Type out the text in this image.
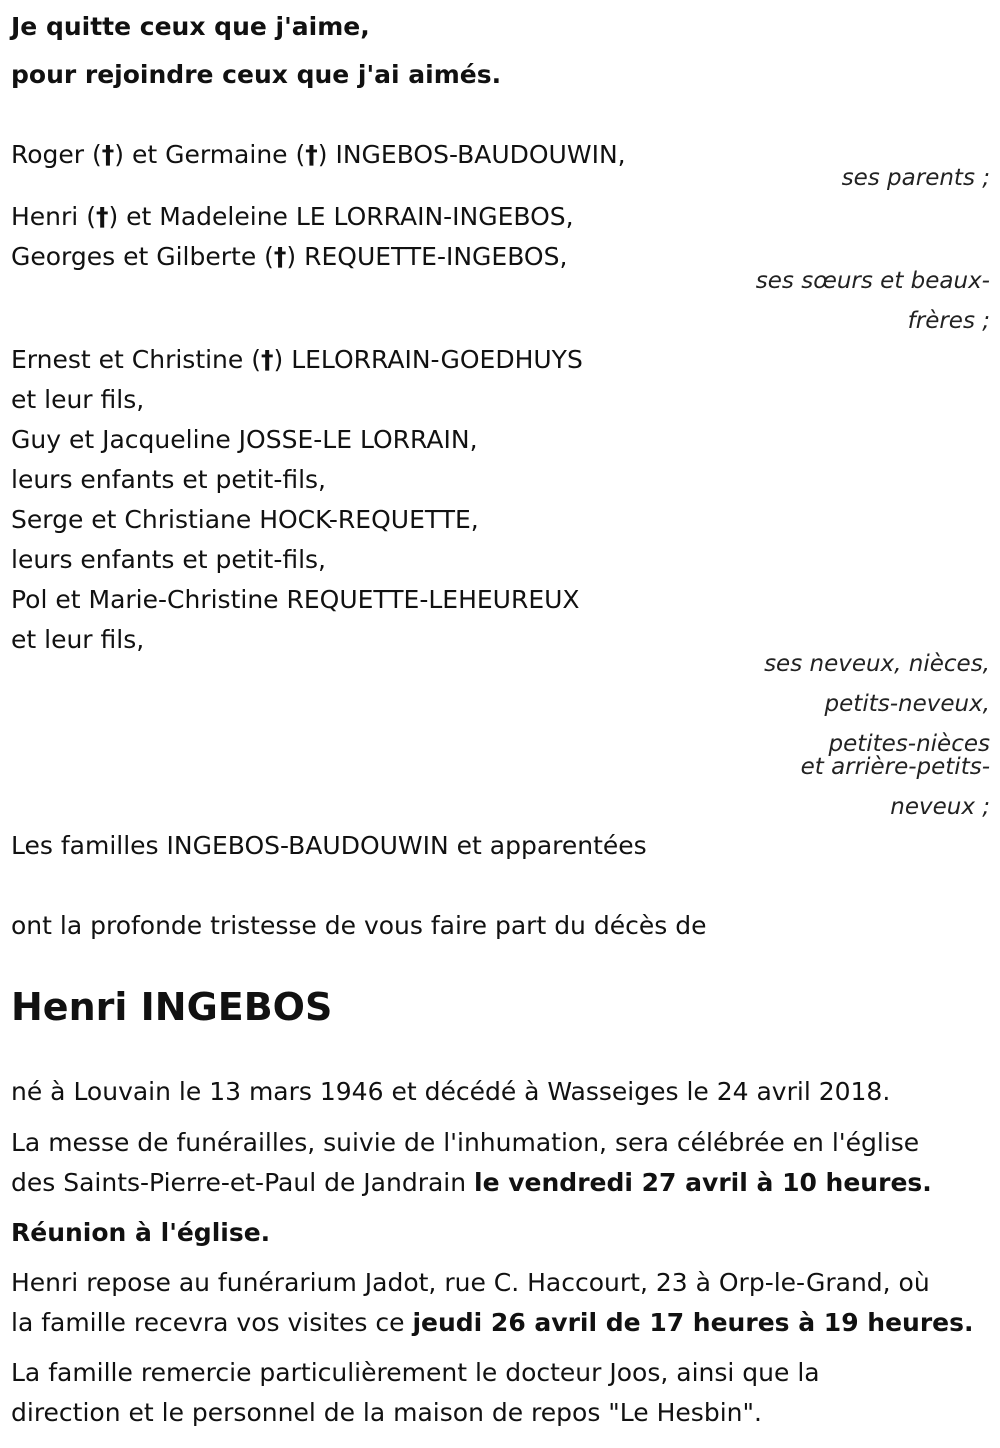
Je quitte ceux que j'aime,

pour rejoindre ceux que j'ai aimés.

Roger (†) et Germaine (†) INGEBOS-BAUDOUWIN,

ses parents ;

Henri (†) et Madeleine LE LORRAIN-INGEBOS,

Georges et Gilberte (†) REQUETTE-INGEBOS,

ses sœurs et beaux-

frères ;

Ernest et Christine (†) LELORRAIN-GOEDHUYS

et leur fils,

Guy et Jacqueline JOSSE-LE LORRAIN,

leurs enfants et petit-fils,

Serge et Christiane HOCK-REQUETTE,

leurs enfants et petit-fils,

Pol et Marie-Christine REQUETTE-LEHEUREUX

et leur fils,

ses neveux, nièces,

petits-neveux,

petites-nièces

et arrière-petits-

neveux ;

Les familles INGEBOS-BAUDOUWIN et apparentées

ont la profonde tristesse de vous faire part du décès de

Henri INGEBOS

né à Louvain le 13 mars 1946 et décédé à Wasseiges le 24 avril 2018.

La messe de funérailles, suivie de l'inhumation, sera célébrée en l'église

des Saints-Pierre-et-Paul de Jandrain le vendredi 27 avril à 10 heures.

Réunion à l'église.

Henri repose au funérarium Jadot, rue C. Haccourt, 23 à Orp-le-Grand, où

la famille recevra vos visites ce jeudi 26 avril de 17 heures à 19 heures.

La famille remercie particulièrement le docteur Joos, ainsi que la

direction et le personnel de la maison de repos "Le Hesbin".
